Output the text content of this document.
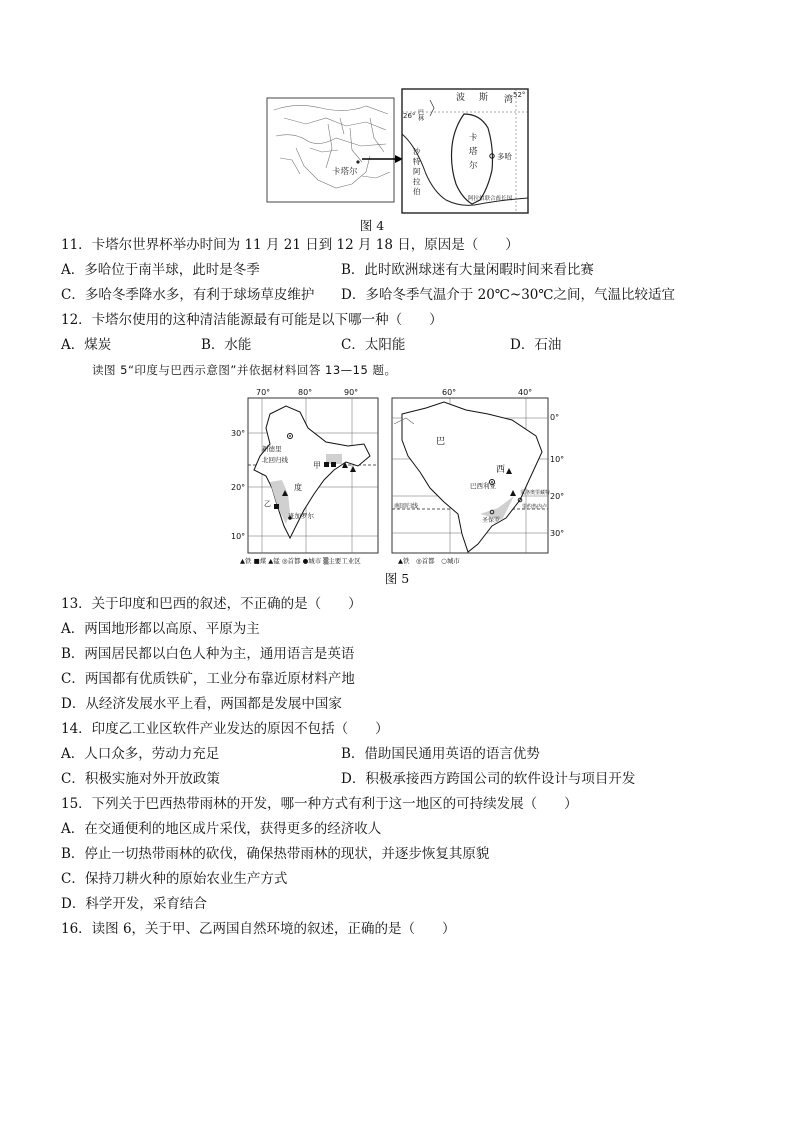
卡塔尔
26°
52°
波 斯 湾
卡
塔
尔
巴林
沙
特
阿
拉
伯
多哈
阿拉伯联合酋长国
图 4
11．卡塔尔世界杯举办时间为 11 月 21 日到 12 月 18 日，原因是（　　）
A．多哈位于南半球，此时是冬季	B．此时欧洲球迷有大量闲暇时间来看比赛
C．多哈冬季降水多，有利于球场草皮维护 D．多哈冬季气温介于 20℃~30℃之间，气温比较适宜
12．卡塔尔使用的这种清洁能源最有可能是以下哪一种（　　）
A．煤炭	B．水能	C．太阳能	D．石油
读图 5“印度与巴西示意图”并依据材料回答 13—15 题。
70°	80°	90°
30°
20°
10°
新德里
北回归线
甲
度
乙
班加罗尔
▲铁 ■煤 ▲锰 ◎首都 ●城市 ▒主要工业区
60°	40°
0°
10°
20°
30°
巴
西
巴西利亚
南回归线
圣保罗
贝洛奥里藏特
里约热内卢
▲铁　◎首都　○城市
图 5
13．关于印度和巴西的叙述，不正确的是（　　）
A．两国地形都以高原、平原为主
B．两国居民都以白色人种为主，通用语言是英语
C．两国都有优质铁矿，工业分布靠近原材料产地
D．从经济发展水平上看，两国都是发展中国家
14．印度乙工业区软件产业发达的原因不包括（　　）
A．人口众多，劳动力充足	B．借助国民通用英语的语言优势
C．积极实施对外开放政策	D．积极承接西方跨国公司的软件设计与项目开发
15．下列关于巴西热带雨林的开发，哪一种方式有利于这一地区的可持续发展（　　）
A．在交通便利的地区成片采伐，获得更多的经济收人
B．停止一切热带雨林的砍伐，确保热带雨林的现状，并逐步恢复其原貌
C．保持刀耕火种的原始农业生产方式
D．科学开发，采育结合
16．读图 6，关于甲、乙两国自然环境的叙述，正确的是（　　）
